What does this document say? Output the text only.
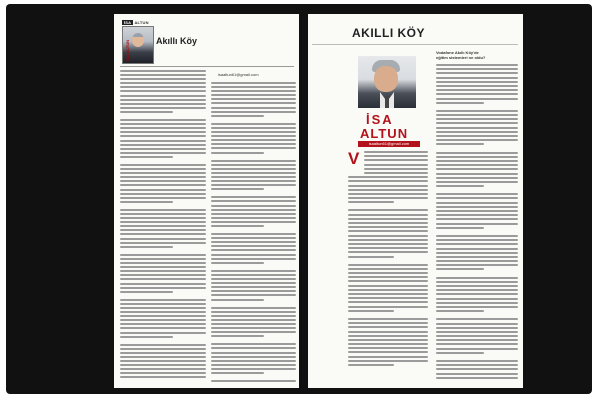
İSA ALTUN
İSA ALTUN	Akıllı Köy
isaaltun61@gmail.com
AKILLI KÖY
İSA
ALTUN
isaaltun61@gmail.com
Vodafone Akıllı Köy'de
eğitim sistemleri ne oldu?
V
